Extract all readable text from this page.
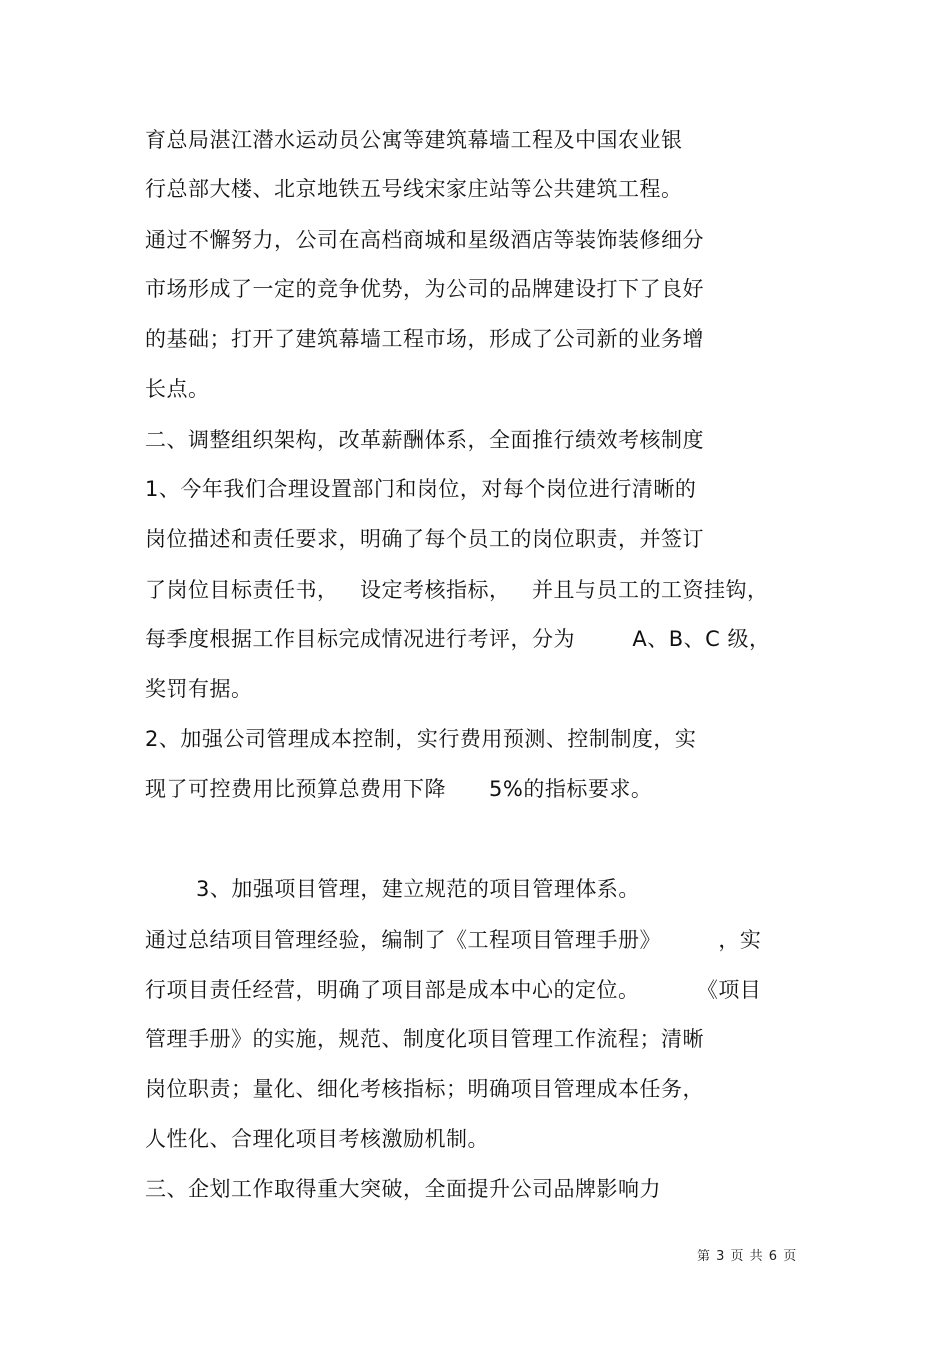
育总局湛江潜水运动员公寓等建筑幕墙工程及中国农业银
行总部大楼、北京地铁五号线宋家庄站等公共建筑工程。
通过不懈努力，公司在高档商城和星级酒店等装饰装修细分
市场形成了一定的竞争优势，为公司的品牌建设打下了良好
的基础；打开了建筑幕墙工程市场，形成了公司新的业务增
长点。
二、调整组织架构，改革薪酬体系，全面推行绩效考核制度
1、今年我们合理设置部门和岗位，对每个岗位进行清晰的
岗位描述和责任要求，明确了每个员工的岗位职责，并签订
了岗位目标责任书，   设定考核指标，   并且与员工的工资挂钩，
每季度根据工作目标完成情况进行考评，分为        A、B、C 级，
奖罚有据。
2、加强公司管理成本控制，实行费用预测、控制制度，实
现了可控费用比预算总费用下降      5%的指标要求。
3、加强项目管理，建立规范的项目管理体系。
通过总结项目管理经验，编制了《工程项目管理手册》        ，实
行项目责任经营，明确了项目部是成本中心的定位。        《项目
管理手册》的实施，规范、制度化项目管理工作流程；清晰
岗位职责；量化、细化考核指标；明确项目管理成本任务，
人性化、合理化项目考核激励机制。
三、企划工作取得重大突破，全面提升公司品牌影响力
第 3 页 共 6 页
